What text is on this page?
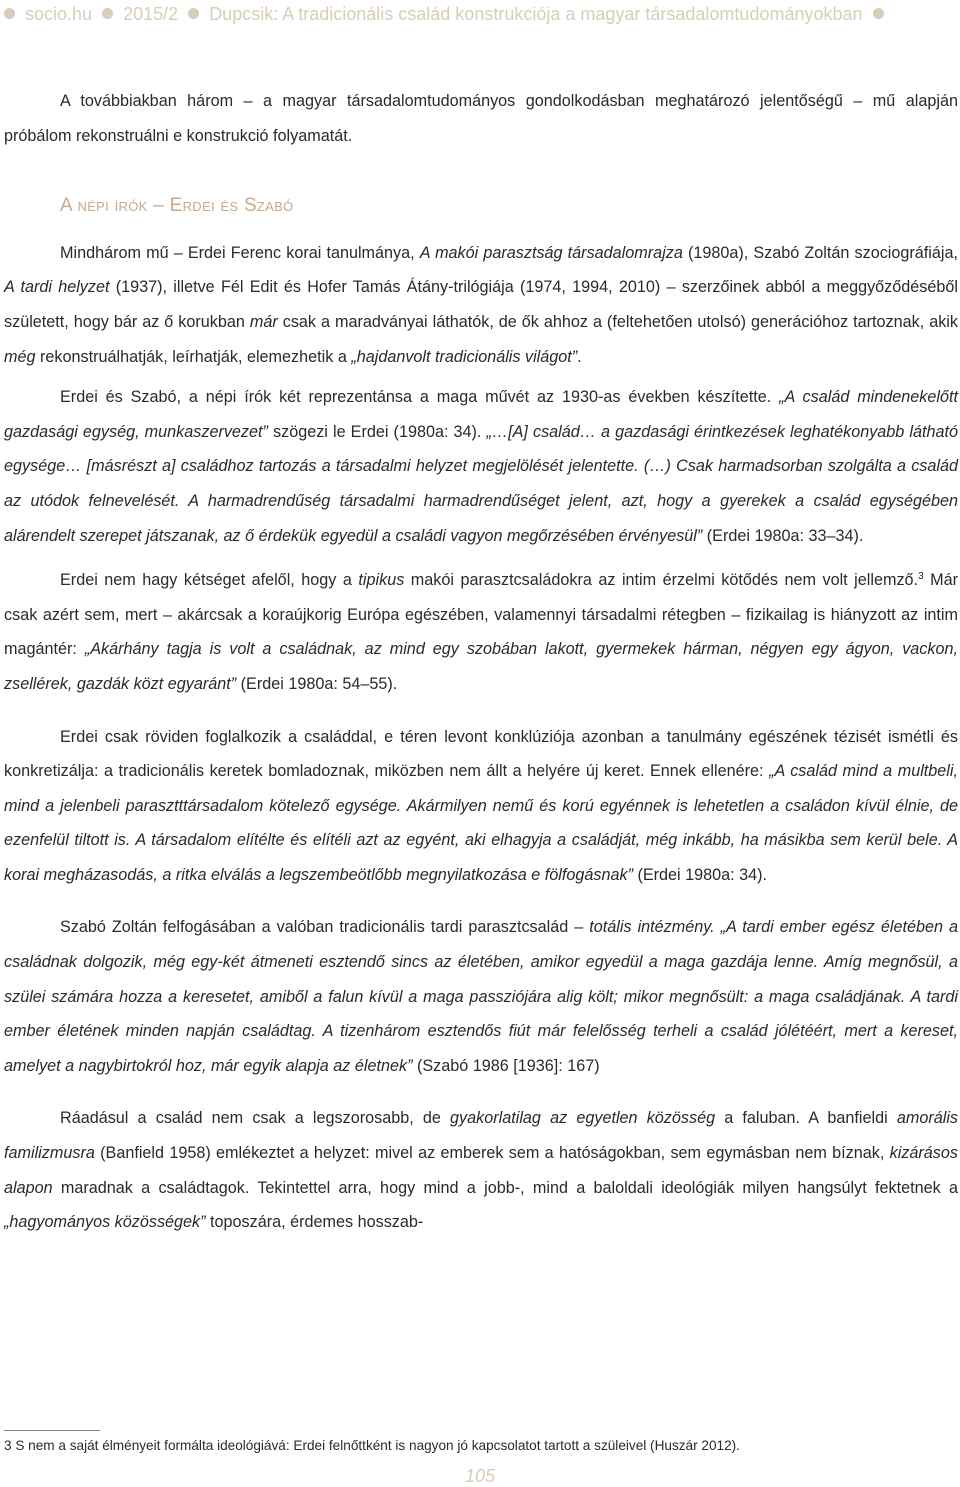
socio.hu 2015/2 Dupcsik: A tradicionális család konstrukciója a magyar társadalomtudományokban

A továbbiakban három – a magyar társadalomtudományos gondolkodásban meghatározó jelentőségű – mű alapján próbálom rekonstruálni e konstrukció folyamatát.

A népi írók – Erdei és Szabó

Mindhárom mű – Erdei Ferenc korai tanulmánya, A makói parasztság társadalomrajza (1980a), Szabó Zoltán szociográfiája, A tardi helyzet (1937), illetve Fél Edit és Hofer Tamás Átány-trilógiája (1974, 1994, 2010) – szerzőinek abból a meggyőződéséből született, hogy bár az ő korukban már csak a maradványai láthatók, de ők ahhoz a (feltehetően utolsó) generációhoz tartoznak, akik még rekonstruálhatják, leírhatják, elemezhetik a „hajdanvolt tradicionális világot”.

Erdei és Szabó, a népi írók két reprezentánsa a maga művét az 1930-as években készítette. „A család mindenekelőtt gazdasági egység, munkaszervezet” szögezi le Erdei (1980a: 34). „…[A] család… a gazdasági érintkezések leghatékonyabb látható egysége… [másrészt a] családhoz tartozás a társadalmi helyzet megjelölését jelentette. (…) Csak harmadsorban szolgálta a család az utódok felnevelését. A harmadrendűség társadalmi harmadrendűséget jelent, azt, hogy a gyerekek a család egységében alárendelt szerepet játszanak, az ő érdekük egyedül a családi vagyon megőrzésében érvényesül” (Erdei 1980a: 33–34).

Erdei nem hagy kétséget afelől, hogy a tipikus makói parasztcsaládokra az intim érzelmi kötődés nem volt jellemző.$^3$ Már csak azért sem, mert – akárcsak a koraújkorig Európa egészében, valamennyi társadalmi rétegben – fizikailag is hiányzott az intim magántér: „Akárhány tagja is volt a családnak, az mind egy szobában lakott, gyermekek hárman, négyen egy ágyon, vackon, zsellérek, gazdák közt egyaránt” (Erdei 1980a: 54–55).

Erdei csak röviden foglalkozik a családdal, e téren levont konklúziója azonban a tanulmány egészének tézisét ismétli és konkretizálja: a tradicionális keretek bomladoznak, miközben nem állt a helyére új keret. Ennek ellenére: „A család mind a multbeli, mind a jelenbeli parasztttársadalom kötelező egysége. Akármilyen nemű és korú egyénnek is lehetetlen a családon kívül élnie, de ezenfelül tiltott is. A társadalom elítélte és elítéli azt az egyént, aki elhagyja a családját, még inkább, ha másikba sem kerül bele. A korai megházasodás, a ritka elválás a legszembeötlőbb megnyilatkozása e fölfogásnak” (Erdei 1980a: 34).

Szabó Zoltán felfogásában a valóban tradicionális tardi parasztcsalád – totális intézmény. „A tardi ember egész életében a családnak dolgozik, még egy-két átmeneti esztendő sincs az életében, amikor egyedül a maga gazdája lenne. Amíg megnősül, a szülei számára hozza a keresetet, amiből a falun kívül a maga passziójára alig költ; mikor megnősült: a maga családjának. A tardi ember életének minden napján családtag. A tizenhárom esztendős fiút már felelősség terheli a család jólétéért, mert a kereset, amelyet a nagybirtokról hoz, már egyik alapja az életnek” (Szabó 1986 [1936]: 167)

Ráadásul a család nem csak a legszorosabb, de gyakorlatilag az egyetlen közösség a faluban. A banfieldi amorális familizmusra (Banfield 1958) emlékeztet a helyzet: mivel az emberek sem a hatóságokban, sem egymásban nem bíznak, kizárásos alapon maradnak a családtagok. Tekintettel arra, hogy mind a jobb-, mind a baloldali ideológiák milyen hangsúlyt fektetnek a „hagyományos közösségek” toposzára, érdemes hosszab-

3 S nem a saját élményeit formálta ideológiává: Erdei felnőttként is nagyon jó kapcsolatot tartott a szüleivel (Huszár 2012).
105
